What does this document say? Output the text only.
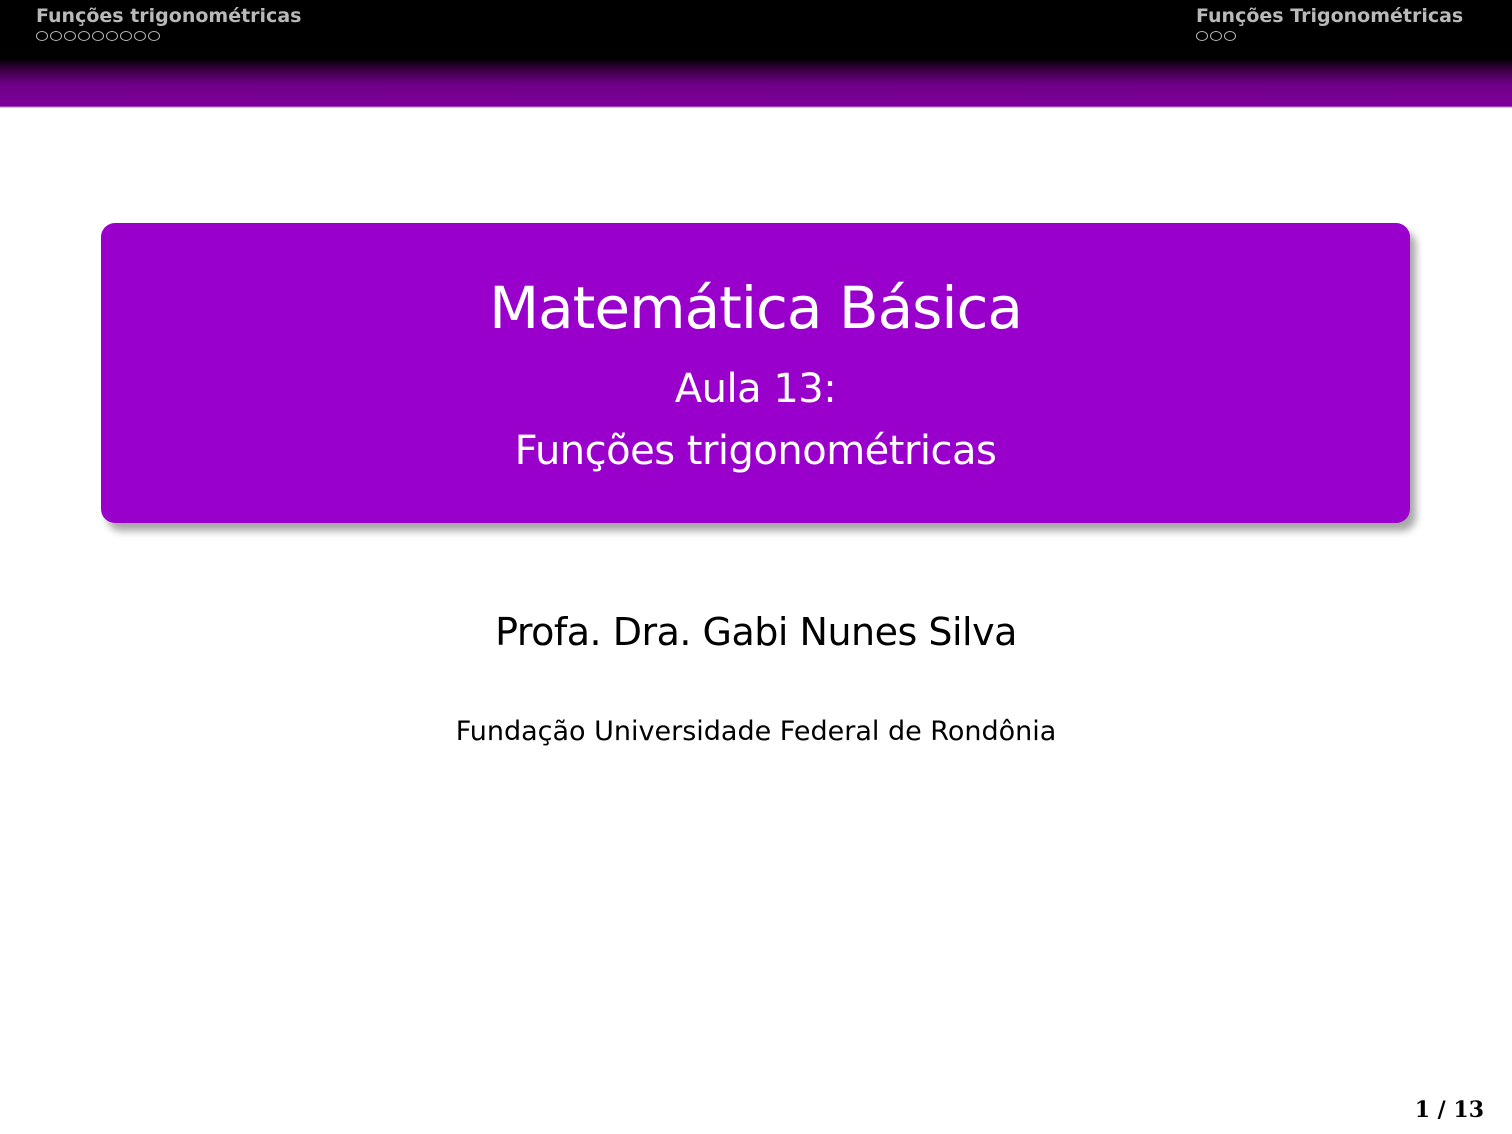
Funções trigonométricas	Funções Trigonométricas
Matemática Básica
Aula 13:
Funções trigonométricas
Profa. Dra. Gabi Nunes Silva
Fundação Universidade Federal de Rondônia
1 / 13
